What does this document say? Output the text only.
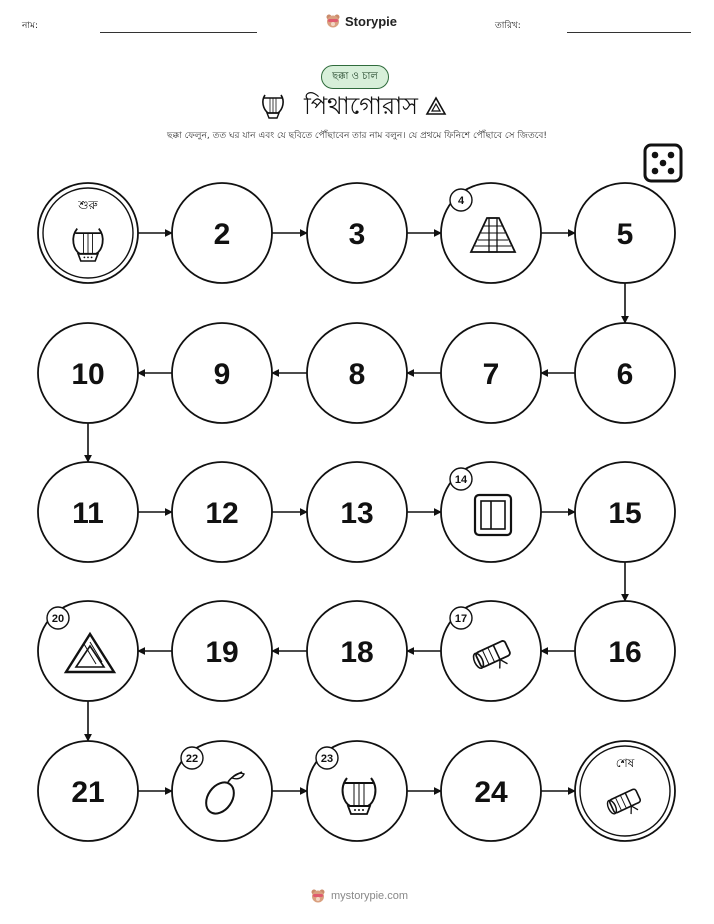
নাম:	Storypie	তারিখ:
ছক্কা ও চাল
পিথাগোরাস
ছক্কা ফেলুন, তত ঘর যান এবং যে ছবিতে পৌঁছাবেন তার নাম বলুন। যে প্রথমে ফিনিশে পৌঁছাবে সে জিতবে!
শুরু
2	3
4
5
6
7
8
9
10
11	12	13
14
15
16
17
18
19
20
21
22	23
24
শেষ
mystorypie.com
